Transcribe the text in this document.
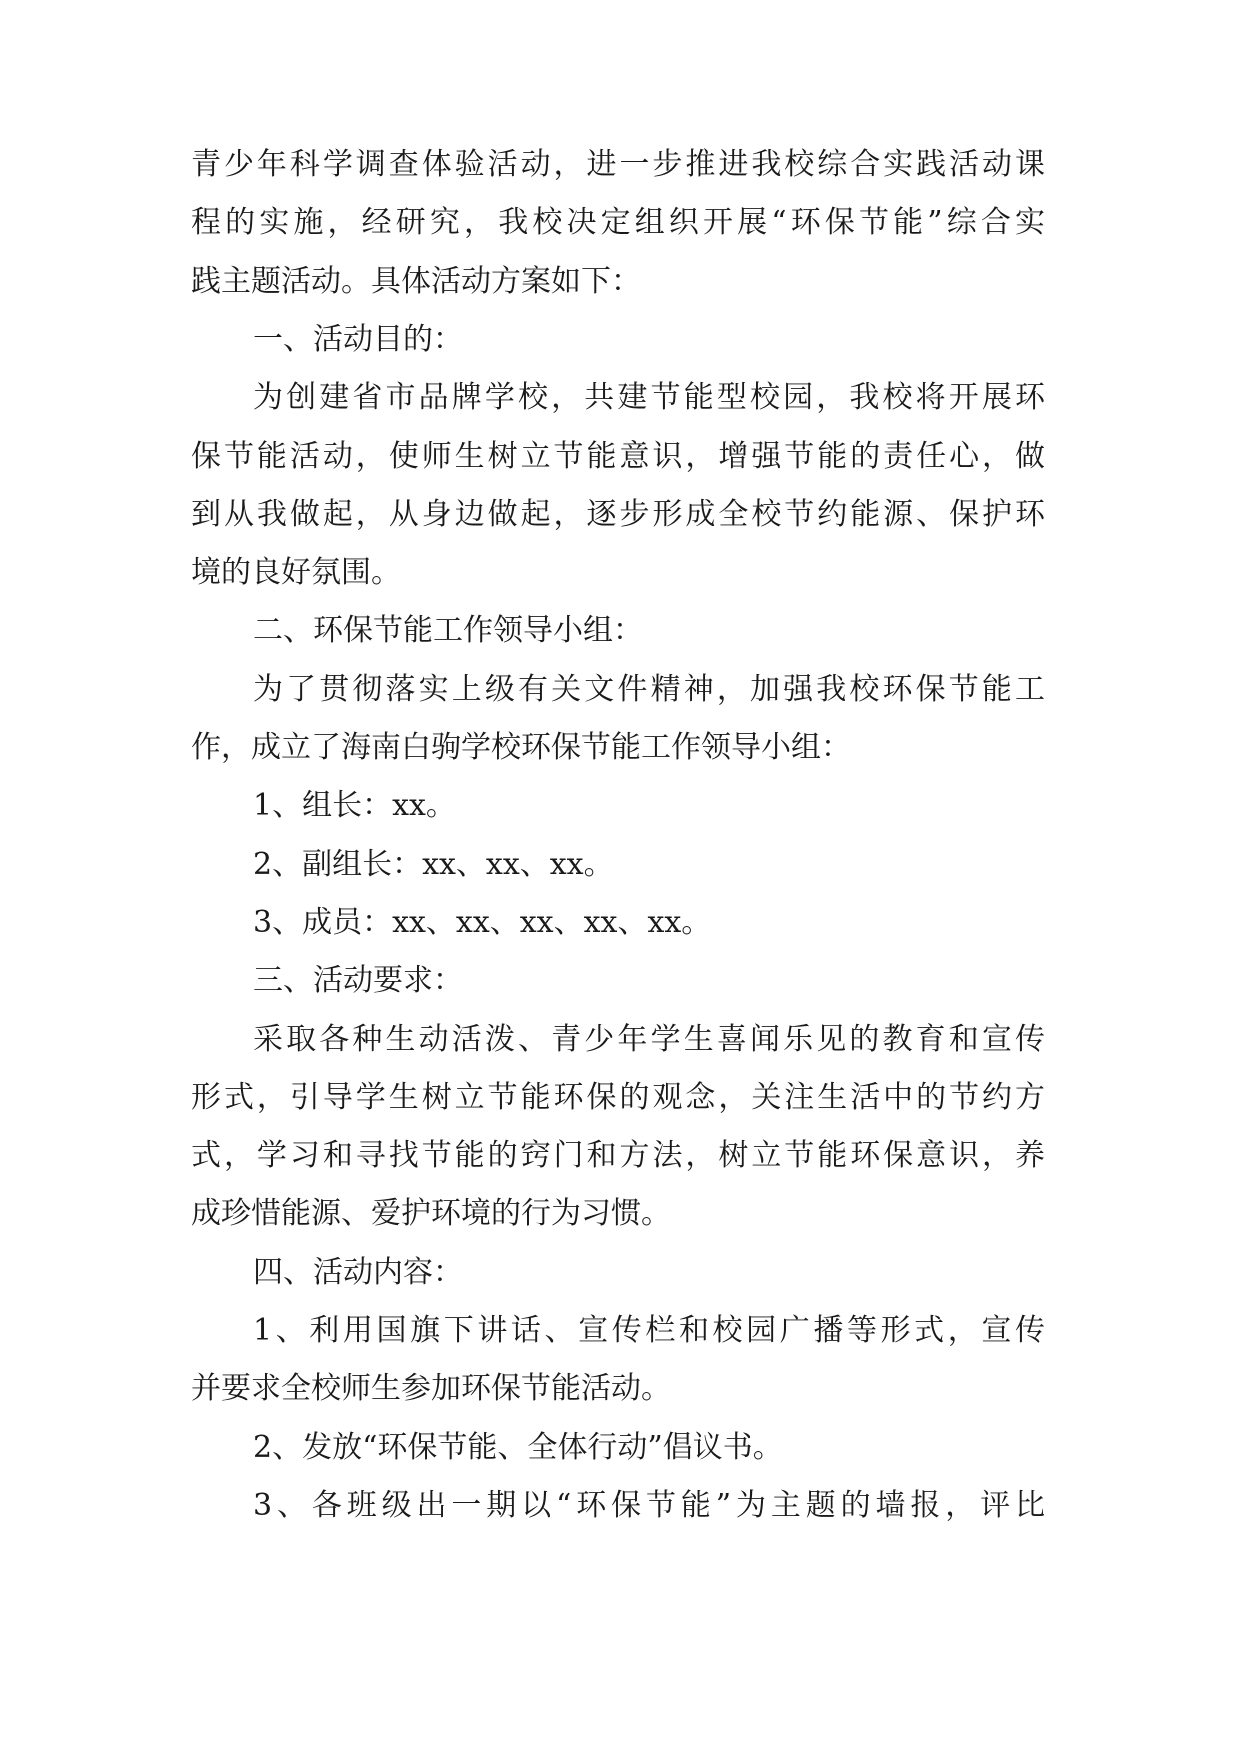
青少年科学调查体验活动，进一步推进我校综合实践活动课

程的实施，经研究，我校决定组织开展“环保节能”综合实

践主题活动。具体活动方案如下：

一、活动目的：

为创建省市品牌学校，共建节能型校园，我校将开展环

保节能活动，使师生树立节能意识，增强节能的责任心，做

到从我做起，从身边做起，逐步形成全校节约能源、保护环

境的良好氛围。

二、环保节能工作领导小组：

为了贯彻落实上级有关文件精神，加强我校环保节能工

作，成立了海南白驹学校环保节能工作领导小组：

1、组长：xx。

2、副组长：xx、xx、xx。

3、成员：xx、xx、xx、xx、xx。

三、活动要求：

采取各种生动活泼、青少年学生喜闻乐见的教育和宣传

形式，引导学生树立节能环保的观念，关注生活中的节约方

式，学习和寻找节能的窍门和方法，树立节能环保意识，养

成珍惜能源、爱护环境的行为习惯。

四、活动内容：

1、利用国旗下讲话、宣传栏和校园广播等形式，宣传

并要求全校师生参加环保节能活动。

2、发放“环保节能、全体行动”倡议书。

3、各班级出一期以“环保节能”为主题的墙报，评比
